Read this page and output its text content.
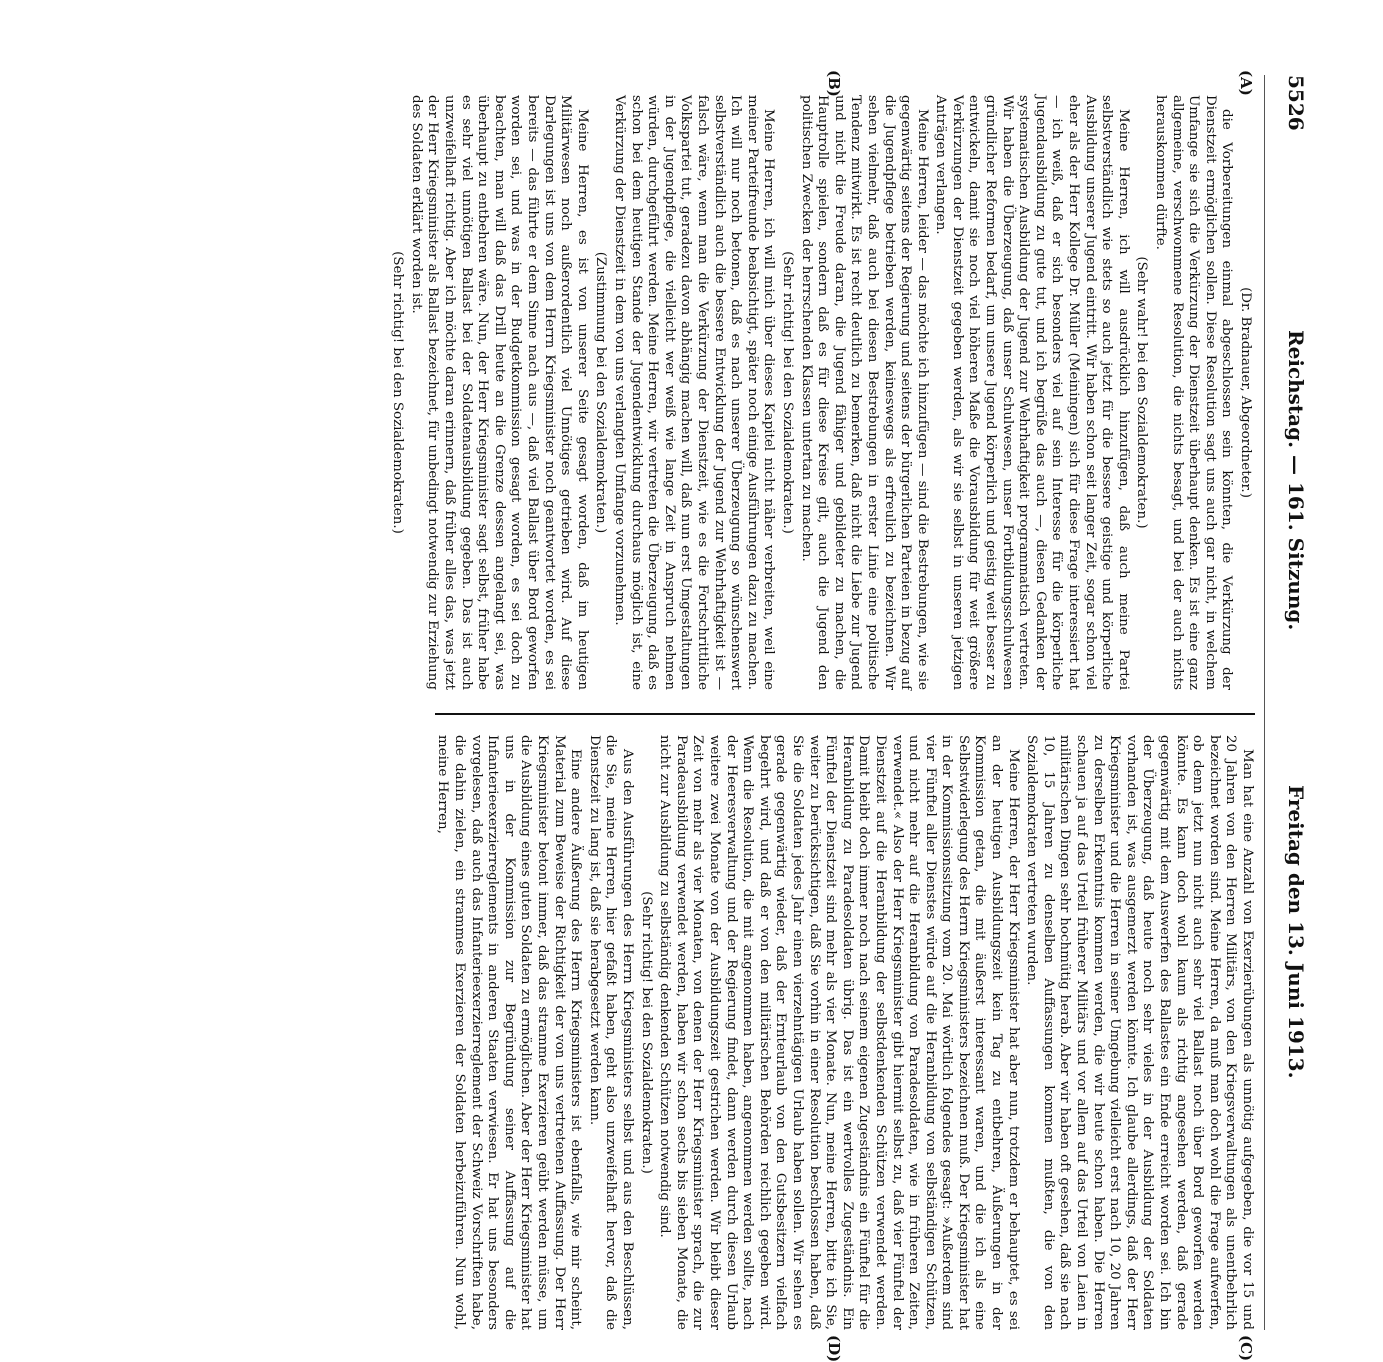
5526
Reichstag. — 161. Sitzung.
Freitag den 13. Juni 1913.
(A)
(B)
(C)
(D)

(Dr. Bradnauer, Abgeordneter.)

die Vorbereitungen einmal abgeschlossen sein könnten, die Verkürzung der Dienstzeit ermöglichen sollen. Diese Resolution sagt uns auch gar nicht, in welchem Umfange sie sich die Verkürzung der Dienstzeit überhaupt denken. Es ist eine ganz allgemeine, verschwommene Resolution, die nichts besagt, und bei der auch nichts herauskommen dürfte.

(Sehr wahr! bei den Sozialdemokraten.)

Meine Herren, ich will ausdrücklich hinzufügen, daß auch meine Partei selbstverständlich wie stets so auch jetzt für die bessere geistige und körperliche Ausbildung unserer Jugend eintritt. Wir haben schon seit langer Zeit, sogar schon viel eher als der Herr Kollege Dr. Müller (Meiningen) sich für diese Frage interessiert hat — ich weiß, daß er sich besonders viel auf sein Interesse für die körperliche Jugendausbildung zu gute tut, und ich begrüße das auch —, diesen Gedanken der systematischen Ausbildung der Jugend zur Wehrhaftigkeit programmatisch vertreten. Wir haben die Überzeugung, daß unser Schulwesen, unser Fortbildungsschulwesen gründlicher Reformen bedarf, um unsere Jugend körperlich und geistig weit besser zu entwickeln, damit sie noch viel höheren Maße die Vorausbildung für weit größere Verkürzungen der Dienstzeit gegeben werden, als wir sie selbst in unseren jetzigen Anträgen verlangen.

Meine Herren, leider — das möchte ich hinzufügen — sind die Bestrebungen, wie sie gegenwärtig seitens der Regierung und seitens der bürgerlichen Parteien in bezug auf die Jugendpflege betrieben werden, keineswegs als erfreulich zu bezeichnen. Wir sehen vielmehr, daß auch bei diesen Bestrebungen in erster Linie eine politische Tendenz mitwirkt. Es ist recht deutlich zu bemerken, daß nicht die Liebe zur Jugend und nicht die Freude daran, die Jugend fähiger und gebildeter zu machen, die Hauptrolle spielen, sondern daß es für diese Kreise gilt, auch die Jugend den politischen Zwecken der herrschenden Klassen untertan zu machen.

(Sehr richtig! bei den Sozialdemokraten.)

Meine Herren, ich will mich über dieses Kapitel nicht näher verbreiten, weil eine meiner Parteifreunde beabsichtigt, später noch einige Ausführungen dazu zu machen. Ich will nur noch betonen, daß es nach unserer Überzeugung so wünschenswert selbstverständlich auch die bessere Entwicklung der Jugend zur Wehrhaftigkeit ist — falsch wäre, wenn man die Verkürzung der Dienstzeit, wie es die Fortschrittliche Volkspartei tut, geradezu davon abhängig machen will, daß nun erst Umgestaltungen in der Jugendpflege, die vielleicht wer weiß wie lange Zeit in Anspruch nehmen würden, durchgeführt werden. Meine Herren, wir vertreten die Überzeugung, daß es schon bei dem heutigen Stande der Jugendentwicklung durchaus möglich ist, eine Verkürzung der Dienstzeit in dem von uns verlangten Umfange vorzunehmen.

(Zustimmung bei den Sozialdemokraten.)

Meine Herren, es ist von unserer Seite gesagt worden, daß im heutigen Militärwesen noch außerordentlich viel Unnötiges getrieben wird. Auf diese Darlegungen ist uns von dem Herrn Kriegsminister noch geantwortet worden, es sei bereits — das führte er dem Sinne nach aus —, daß viel Ballast über Bord geworfen worden sei, und was in der Budgetkommission gesagt worden, es sei doch zu beachten, man will daß das Drill heute an die Grenze dessen angelangt sei, was überhaupt zu entbehren wäre. Nun, der Herr Kriegsminister sagt selbst, früher habe es sehr viel unnötigen Ballast bei der Soldatenausbildung gegeben. Das ist auch unzweifelhaft richtig. Aber ich möchte daran erinnern, daß früher alles das, was jetzt der Herr Kriegsminister als Ballast bezeichnet, für unbedingt notwendig zur Erziehung des Soldaten erklärt worden ist.

(Sehr richtig! bei den Sozialdemokraten.)

Man hat eine Anzahl von Exerzierübungen als unnötig aufgegeben, die vor 15 und 20 Jahren von den Herren Militärs, von den Kriegsverwaltungen als unentbehrlich bezeichnet worden sind. Meine Herren, da muß man doch wohl die Frage aufwerfen, ob denn jetzt nun nicht auch sehr viel Ballast noch über Bord geworfen werden könnte. Es kann doch wohl kaum als richtig angesehen werden, daß gerade gegenwärtig mit dem Auswerfen des Ballastes ein Ende erreicht worden sei. Ich bin der Überzeugung, daß heute noch sehr vieles in der Ausbildung der Soldaten vorhanden ist, was ausgemerzt werden könnte. Ich glaube allerdings, daß der Herr Kriegsminister und die Herren in seiner Umgebung vielleicht erst nach 10, 20 Jahren zu derselben Erkenntnis kommen werden, die wir heute schon haben. Die Herren schauen ja auf das Urteil früherer Militärs und vor allem auf das Urteil von Laien in militärischen Dingen sehr hochmütig herab. Aber wir haben oft gesehen, daß sie nach 10, 15 Jahren zu denselben Auffassungen kommen mußten, die von den Sozialdemokraten vertreten wurden.

Meine Herren, der Herr Kriegsminister hat aber nun, trotzdem er behauptet, es sei an der heutigen Ausbildungszeit kein Tag zu entbehren, Äußerungen in der Kommission getan, die mit äußerst interessant waren, und die ich als eine Selbstwiderlegung des Herrn Kriegsministers bezeichnen muß. Der Kriegsminister hat in der Kommissionssitzung vom 20. Mai wörtlich folgendes gesagt: »Außerdem sind vier Fünftel aller Dienstes würde auf die Heranbildung von selbständigen Schützen, und nicht mehr auf die Heranbildung von Paradesoldaten, wie in früheren Zeiten, verwendet.« Also der Herr Kriegsminister gibt hiermit selbst zu, daß vier Fünftel der Dienstzeit auf die Heranbildung der selbstdenkenden Schützen verwendet werden. Damit bleibt doch immer noch nach seinem eigenen Zugeständnis ein Fünftel für die Heranbildung zu Paradesoldaten übrig. Das ist ein wertvolles Zugeständnis. Ein Fünftel der Dienstzeit sind mehr als vier Monate. Nun, meine Herren, bitte ich Sie, weiter zu berücksichtigen, daß Sie vorhin in einer Resolution beschlossen haben, daß Sie die Soldaten jedes Jahr einen vierzehntägigen Urlaub haben sollen. Wir sehen es gerade gegenwärtig wieder, daß der Ernteurlaub von den Gutsbesitzern vielfach begehrt wird, und daß er von den militärischen Behörden reichlich gegeben wird. Wenn die Resolution, die mit angenommen haben, angenommen werden sollte, nach der Heeresverwaltung und der Regierung findet, dann werden durch diesen Urlaub weitere zwei Monate von der Ausbildungszeit gestrichen werden. Wir bleibt dieser Zeit von mehr als vier Monaten, von denen der Herr Kriegsminister sprach, die zur Paradeausbildung verwendet werden, haben wir schon sechs bis sieben Monate, die nicht zur Ausbildung zu selbständig denkenden Schützen notwendig sind.

(Sehr richtig! bei den Sozialdemokraten.)

Aus den Ausführungen des Herrn Kriegsministers selbst und aus den Beschlüssen, die Sie, meine Herren, hier gefaßt haben, geht also unzweifelhaft hervor, daß die Dienstzeit zu lang ist, daß sie herabgesetzt werden kann.

Eine andere Äußerung des Herrn Kriegsministers ist ebenfalls, wie mir scheint, Material zum Beweise der Richtigkeit der von uns vertretenen Auffassung. Der Herr Kriegsminister betont immer, daß das stramme Exerzieren geübt werden müsse, um die Ausbildung eines guten Soldaten zu ermöglichen. Aber der Herr Kriegsminister hat uns in der Kommission zur Begründung seiner Auffassung auf die Infanterieexerzierreglements in anderen Staaten verwiesen. Er hat uns besonders vorgelesen, daß auch das Infanterieexerzierreglement der Schweiz Vorschriften habe, die dahin zielen, ein strammes Exerzieren der Soldaten herbeizuführen. Nun wohl, meine Herren,
